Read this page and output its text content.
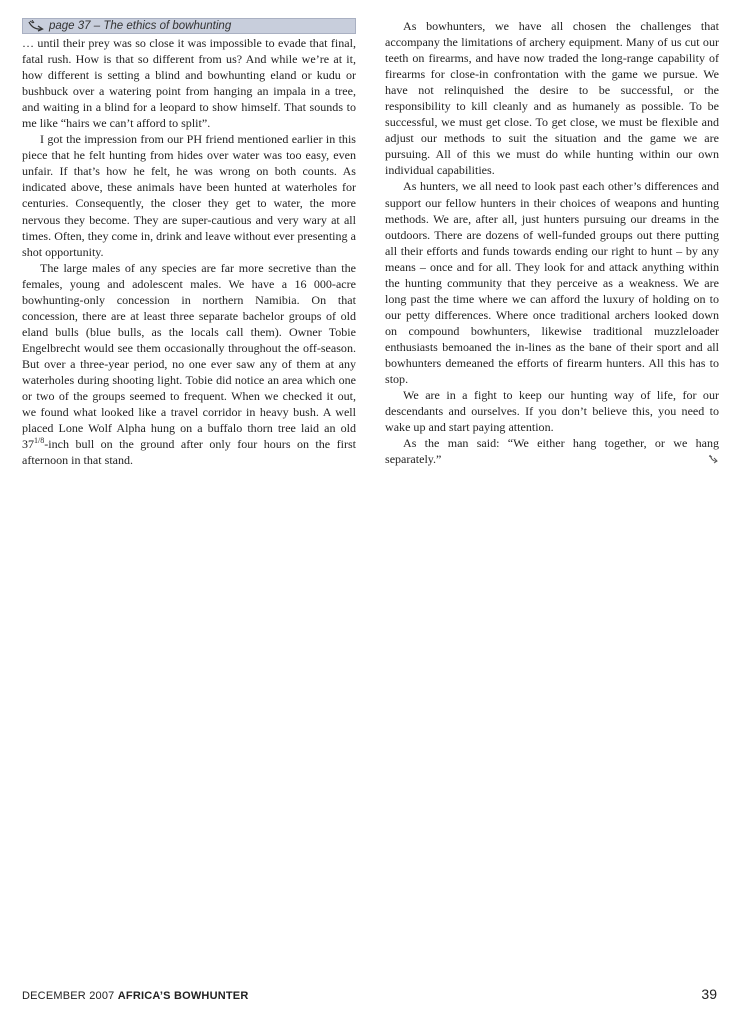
page 37 – The ethics of bowhunting

… until their prey was so close it was impossible to evade that final, fatal rush. How is that so different from us? And while we’re at it, how different is setting a blind and bowhunting eland or kudu or bushbuck over a watering point from hanging an impala in a tree, and waiting in a blind for a leopard to show himself. That sounds to me like “hairs we can’t afford to split”.

I got the impression from our PH friend mentioned earlier in this piece that he felt hunting from hides over water was too easy, even unfair. If that’s how he felt, he was wrong on both counts. As indicated above, these animals have been hunted at waterholes for centuries. Consequently, the closer they get to water, the more nervous they become. They are super-cautious and very wary at all times. Often, they come in, drink and leave without ever presenting a shot opportunity.

The large males of any species are far more secretive than the females, young and adolescent males. We have a 16 000-acre bowhunting-only concession in northern Namibia. On that concession, there are at least three separate bachelor groups of old eland bulls (blue bulls, as the locals call them). Owner Tobie Engelbrecht would see them occasionally throughout the off-season. But over a three-year period, no one ever saw any of them at any waterholes during shooting light. Tobie did notice an area which one or two of the groups seemed to frequent. When we checked it out, we found what looked like a travel corridor in heavy bush. A well placed Lone Wolf Alpha hung on a buffalo thorn tree laid an old $37^{1/8}$-inch bull on the ground after only four hours on the first afternoon in that stand.

As bowhunters, we have all chosen the challenges that accompany the limitations of archery equipment. Many of us cut our teeth on firearms, and have now traded the long-range capability of firearms for close-in confrontation with the game we pursue. We have not relinquished the desire to be successful, or the responsibility to kill cleanly and as humanely as possible. To be successful, we must get close. To get close, we must be flexible and adjust our methods to suit the situation and the game we are pursuing. All of this we must do while hunting within our own individual capabilities.

As hunters, we all need to look past each other’s differences and support our fellow hunters in their choices of weapons and hunting methods. We are, after all, just hunters pursuing our dreams in the outdoors. There are dozens of well-funded groups out there putting all their efforts and funds towards ending our right to hunt – by any means – once and for all. They look for and attack anything within the hunting community that they perceive as a weakness. We are long past the time where we can afford the luxury of holding on to our petty differences. Where once traditional archers looked down on compound bowhunters, likewise traditional muzzleloader enthusiasts bemoaned the in-lines as the bane of their sport and all bowhunters demeaned the efforts of firearm hunters. All this has to stop.

We are in a fight to keep our hunting way of life, for our descendants and ourselves. If you don’t believe this, you need to wake up and start paying attention.

As the man said: “We either hang together, or we hang separately.”

DECEMBER 2007 AFRICA’S BOWHUNTER	39
